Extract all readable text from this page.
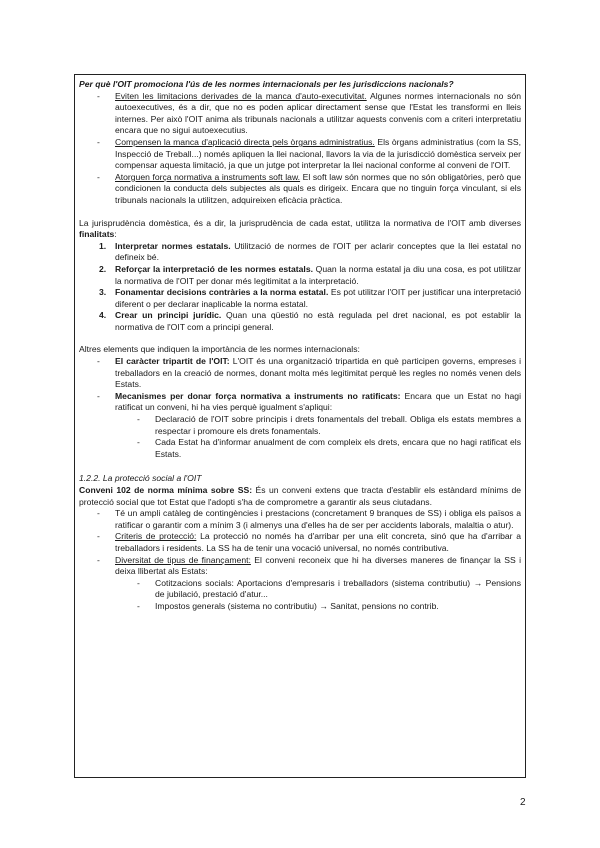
Per què l'OIT promociona l'ús de les normes internacionals per les jurisdiccions nacionals?

- Eviten les limitacions derivades de la manca d'auto-executivitat. Algunes normes internacionals no són autoexecutives, és a dir, que no es poden aplicar directament sense que l'Estat les transformi en lleis internes. Per això l'OIT anima als tribunals nacionals a utilitzar aquests convenis com a criteri interpretatiu encara que no sigui autoexecutius.
- Compensen la manca d'aplicació directa pels òrgans administratius. Els òrgans administratius (com la SS, Inspecció de Treball...) només apliquen la llei nacional, llavors la via de la jurisdicció domèstica serveix per compensar aquesta limitació, ja que un jutge pot interpretar la llei nacional conforme al conveni de l'OIT.
- Atorguen força normativa a instruments soft law. El soft law són normes que no són obligatòries, però que condicionen la conducta dels subjectes als quals es dirigeix. Encara que no tinguin força vinculant, si els tribunals nacionals la utilitzen, adquireixen eficàcia pràctica.

La jurisprudència domèstica, és a dir, la jurisprudència de cada estat, utilitza la normativa de l'OIT amb diverses finalitats:

1. Interpretar normes estatals. Utilització de normes de l'OIT per aclarir conceptes que la llei estatal no defineix bé.
2. Reforçar la interpretació de les normes estatals. Quan la norma estatal ja diu una cosa, es pot utilitzar la normativa de l'OIT per donar més legitimitat a la interpretació.
3. Fonamentar decisions contràries a la norma estatal. Es pot utilitzar l'OIT per justificar una interpretació diferent o per declarar inaplicable la norma estatal.
4. Crear un principi jurídic. Quan una qüestió no està regulada pel dret nacional, es pot establir la normativa de l'OIT com a principi general.

Altres elements que indiquen la importància de les normes internacionals:

- El caràcter tripartit de l'OIT: L'OIT és una organització tripartida en què participen governs, empreses i treballadors en la creació de normes, donant molta més legitimitat perquè les regles no només venen dels Estats.
- Mecanismes per donar força normativa a instruments no ratificats: Encara que un Estat no hagi ratificat un conveni, hi ha vies perquè igualment s'apliqui:
- Declaració de l'OIT sobre principis i drets fonamentals del treball. Obliga els estats membres a respectar i promoure els drets fonamentals.
- Cada Estat ha d'informar anualment de com compleix els drets, encara que no hagi ratificat els Estats.

1.2.2. La protecció social a l'OIT

Conveni 102 de norma mínima sobre SS: És un conveni extens que tracta d'establir els estàndard mínims de protecció social que tot Estat que l'adopti s'ha de comprometre a garantir als seus ciutadans.

- Té un ampli catàleg de contingències i prestacions (concretament 9 branques de SS) i obliga els països a ratificar o garantir com a mínim 3 (i almenys una d'elles ha de ser per accidents laborals, malaltia o atur).
- Criteris de protecció: La protecció no només ha d'arribar per una elit concreta, sinó que ha d'arribar a treballadors i residents. La SS ha de tenir una vocació universal, no només contributiva.
- Diversitat de tipus de finançament: El conveni reconeix que hi ha diverses maneres de finançar la SS i deixa llibertat als Estats:
- Cotitzacions socials: Aportacions d'empresaris i treballadors (sistema contributiu) → Pensions de jubilació, prestació d'atur...
- Impostos generals (sistema no contributiu) → Sanitat, pensions no contrib.
2
